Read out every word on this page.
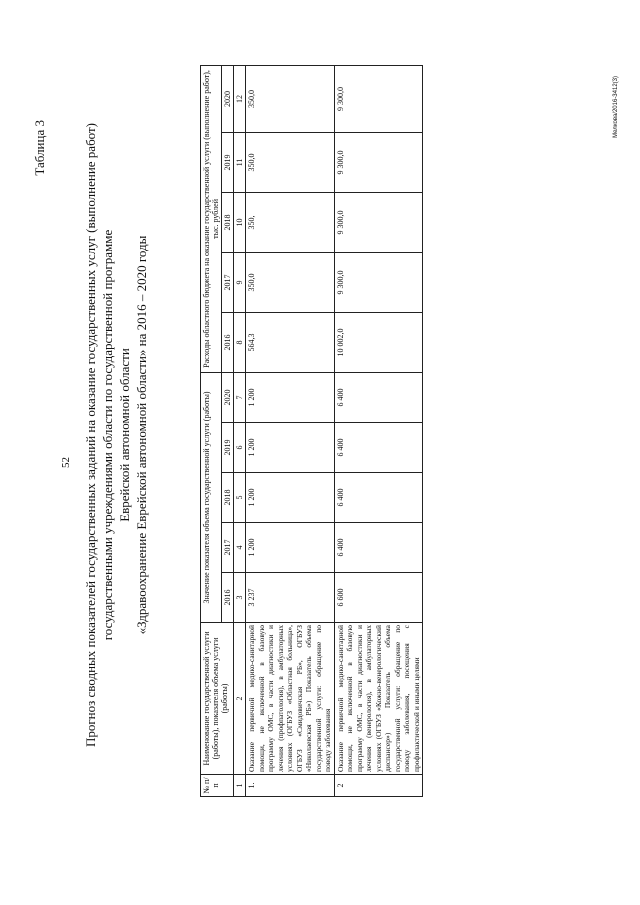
52
Таблица 3	Прогноз сводных показателей государственных заданий на оказание государственных услуг (выполнение работ) государственными учреждениями области по государственной программе Еврейской автономной области «Здравоохранение Еврейской автономной области» на 2016 – 2020 годы
№ п/п	Наименование государственной услуги (работы), показателя объема услуги (работы)	Значение показателя объема государственной услуги (работы)					Расходы областного бюджета на оказание государственной услуги (выполнение работ), тыс. рублей				
		2016	2017	2018	2019	2020	2016	2017	2018	2019	2020
1	2	3	4	5	6	7	8	9	10	11	12
1.	Оказание первичной медико-санитарной помощи, не включенной в базовую программу ОМС, в части диагностики и лечения (профпатология), в амбулаторных условиях (ОГБУЗ «Областная больница», ОГБУЗ «Смидовичская РБ», ОГБУЗ «Николаевская РБ») Показатель объема государственной услуги: обращение по поводу заболевания	3 237	1 200	1 200	1 200	1 200	564,3	350,0	350,	350,0	350,0
2	Оказание первичной медико-санитарной помощи, не включенной в базовую программу ОМС, в части диагностики и лечения (венерология), в амбулаторных условиях (ОГБУЗ «Кожно-венерологический диспансер») Показатель объема государственной услуги: обращение по поводу заболевания, посещения с профилактической и иными целями	6 600	6 400	6 400	6 400	6 400	10 002,0	9 300,0	9 300,0	9 300,0	9 300,0	Мелкова/2016-3412(3)
